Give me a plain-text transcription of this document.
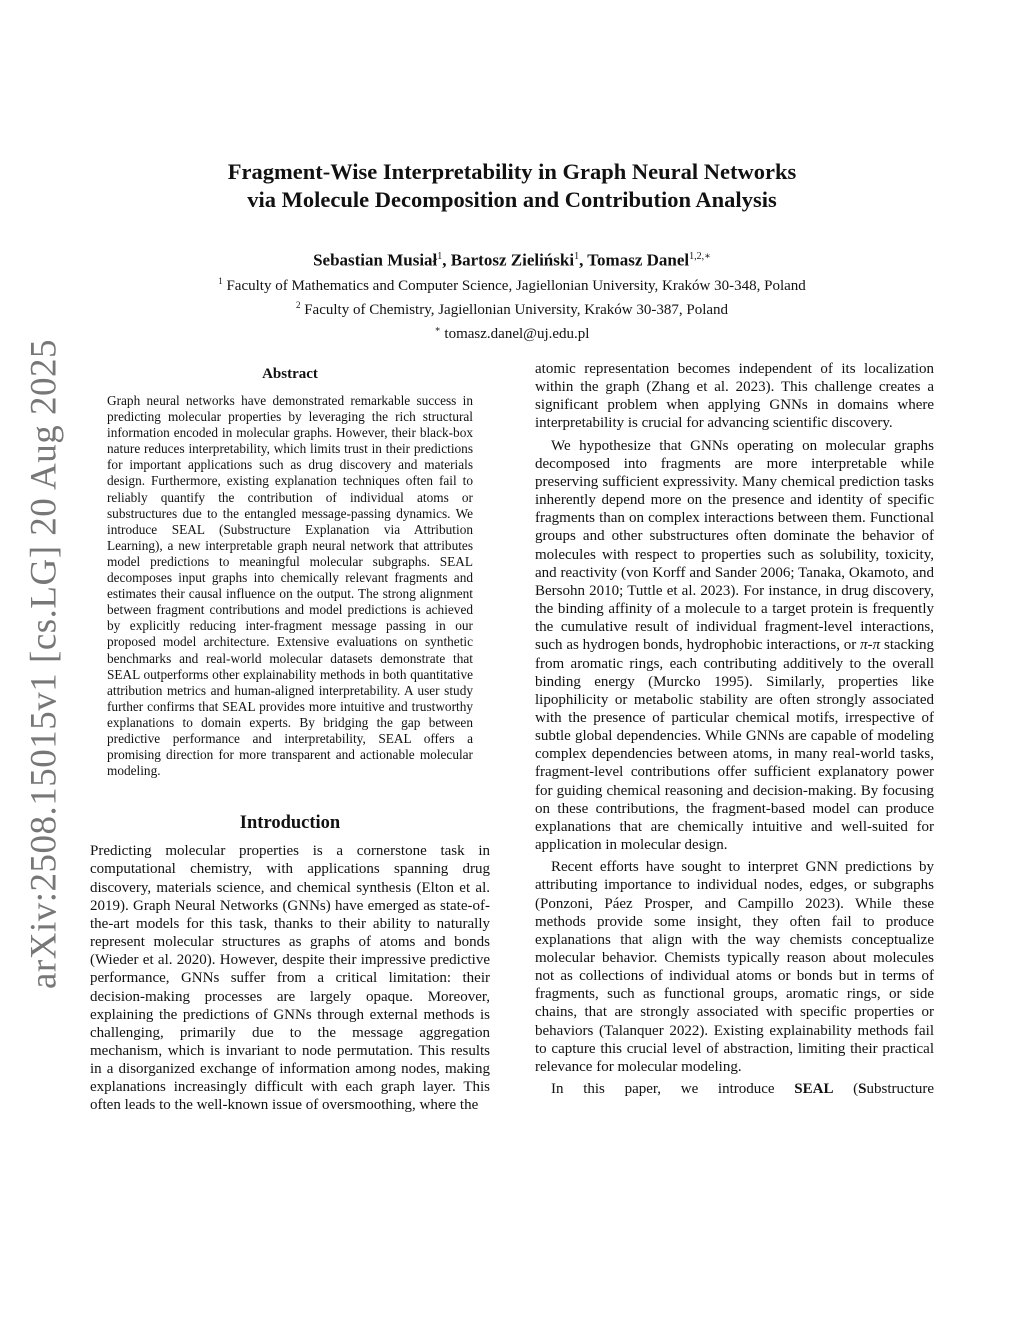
arXiv:2508.15015v1 [cs.LG] 20 Aug 2025
Fragment-Wise Interpretability in Graph Neural Networks
via Molecule Decomposition and Contribution Analysis
Sebastian Musiał$^1$, Bartosz Zieliński$^1$, Tomasz Danel$^{1,2,∗}$
$^1$ Faculty of Mathematics and Computer Science, Jagiellonian University, Kraków 30-348, Poland
$^2$ Faculty of Chemistry, Jagiellonian University, Kraków 30-387, Poland
∗ tomasz.danel@uj.edu.pl
Abstract

Graph neural networks have demonstrated remarkable success in predicting molecular properties by leveraging the rich structural information encoded in molecular graphs. However, their black-box nature reduces interpretability, which limits trust in their predictions for important applications such as drug discovery and materials design. Furthermore, existing explanation techniques often fail to reliably quantify the contribution of individual atoms or substructures due to the entangled message-passing dynamics. We introduce SEAL (Substructure Explanation via Attribution Learning), a new interpretable graph neural network that attributes model predictions to meaningful molecular subgraphs. SEAL decomposes input graphs into chemically relevant fragments and estimates their causal influence on the output. The strong alignment between fragment contributions and model predictions is achieved by explicitly reducing inter-fragment message passing in our proposed model architecture. Extensive evaluations on synthetic benchmarks and real-world molecular datasets demonstrate that SEAL outperforms other explainability methods in both quantitative attribution metrics and human-aligned interpretability. A user study further confirms that SEAL provides more intuitive and trustworthy explanations to domain experts. By bridging the gap between predictive performance and interpretability, SEAL offers a promising direction for more transparent and actionable molecular modeling.

Introduction

Predicting molecular properties is a cornerstone task in computational chemistry, with applications spanning drug discovery, materials science, and chemical synthesis (Elton et al. 2019). Graph Neural Networks (GNNs) have emerged as state-of-the-art models for this task, thanks to their ability to naturally represent molecular structures as graphs of atoms and bonds (Wieder et al. 2020). However, despite their impressive predictive performance, GNNs suffer from a critical limitation: their decision-making processes are largely opaque. Moreover, explaining the predictions of GNNs through external methods is challenging, primarily due to the message aggregation mechanism, which is invariant to node permutation. This results in a disorganized exchange of information among nodes, making explanations increasingly difficult with each graph layer. This often leads to the well-known issue of oversmoothing, where the

atomic representation becomes independent of its localization within the graph (Zhang et al. 2023). This challenge creates a significant problem when applying GNNs in domains where interpretability is crucial for advancing scientific discovery.

We hypothesize that GNNs operating on molecular graphs decomposed into fragments are more interpretable while preserving sufficient expressivity. Many chemical prediction tasks inherently depend more on the presence and identity of specific fragments than on complex interactions between them. Functional groups and other substructures often dominate the behavior of molecules with respect to properties such as solubility, toxicity, and reactivity (von Korff and Sander 2006; Tanaka, Okamoto, and Bersohn 2010; Tuttle et al. 2023). For instance, in drug discovery, the binding affinity of a molecule to a target protein is frequently the cumulative result of individual fragment-level interactions, such as hydrogen bonds, hydrophobic interactions, or π-π stacking from aromatic rings, each contributing additively to the overall binding energy (Murcko 1995). Similarly, properties like lipophilicity or metabolic stability are often strongly associated with the presence of particular chemical motifs, irrespective of subtle global dependencies. While GNNs are capable of modeling complex dependencies between atoms, in many real-world tasks, fragment-level contributions offer sufficient explanatory power for guiding chemical reasoning and decision-making. By focusing on these contributions, the fragment-based model can produce explanations that are chemically intuitive and well-suited for application in molecular design.

Recent efforts have sought to interpret GNN predictions by attributing importance to individual nodes, edges, or subgraphs (Ponzoni, Páez Prosper, and Campillo 2023). While these methods provide some insight, they often fail to produce explanations that align with the way chemists conceptualize molecular behavior. Chemists typically reason about molecules not as collections of individual atoms or bonds but in terms of fragments, such as functional groups, aromatic rings, or side chains, that are strongly associated with specific properties or behaviors (Talanquer 2022). Existing explainability methods fail to capture this crucial level of abstraction, limiting their practical relevance for molecular modeling.

In this paper, we introduce SEAL (Substructure
